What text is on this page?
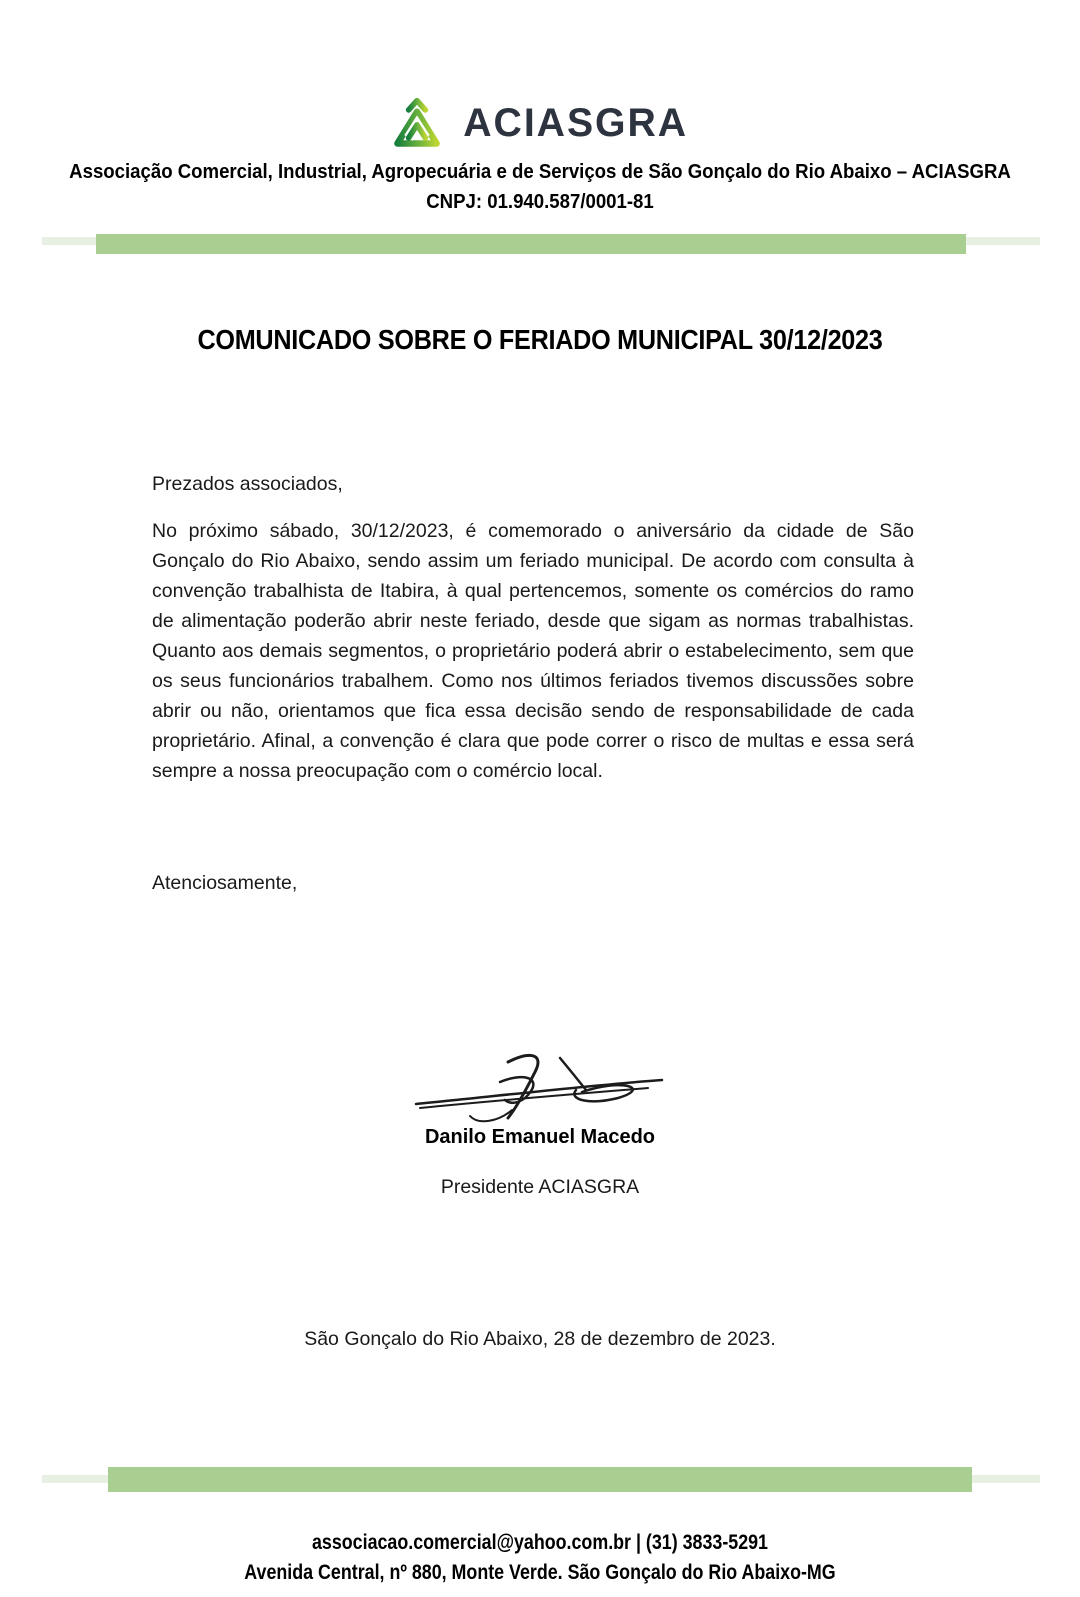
ACIASGRA
Associação Comercial, Industrial, Agropecuária e de Serviços de São Gonçalo do Rio Abaixo – ACIASGRA
CNPJ: 01.940.587/0001-81
COMUNICADO SOBRE O FERIADO MUNICIPAL 30/12/2023
Prezados associados,
No próximo sábado, 30/12/2023, é comemorado o aniversário da cidade de São Gonçalo do Rio Abaixo, sendo assim um feriado municipal. De acordo com consulta à convenção trabalhista de Itabira, à qual pertencemos, somente os comércios do ramo de alimentação poderão abrir neste feriado, desde que sigam as normas trabalhistas. Quanto aos demais segmentos, o proprietário poderá abrir o estabelecimento, sem que os seus funcionários trabalhem. Como nos últimos feriados tivemos discussões sobre abrir ou não, orientamos que fica essa decisão sendo de responsabilidade de cada proprietário. Afinal, a convenção é clara que pode correr o risco de multas e essa será sempre a nossa preocupação com o comércio local.
Atenciosamente,
Danilo Emanuel Macedo
Presidente ACIASGRA
São Gonçalo do Rio Abaixo, 28 de dezembro de 2023.
associacao.comercial@yahoo.com.br | (31) 3833-5291
Avenida Central, nº 880, Monte Verde. São Gonçalo do Rio Abaixo-MG
